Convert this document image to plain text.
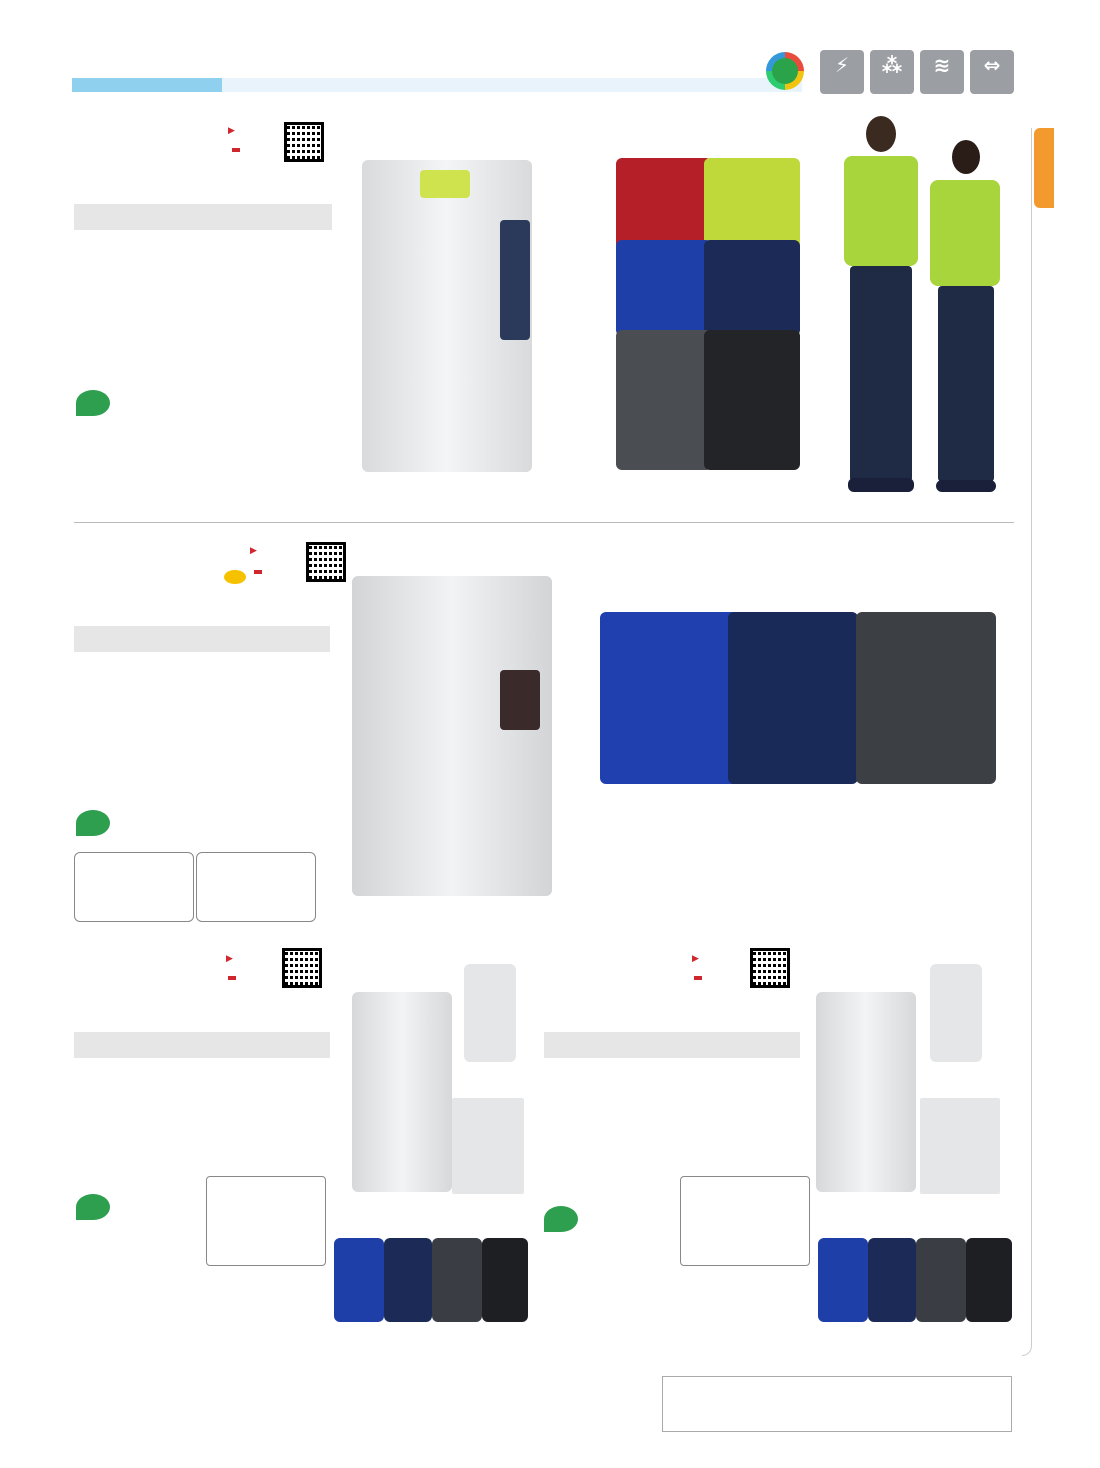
⚡	⁂	≋	⇔
▶
▶
▶
▶
